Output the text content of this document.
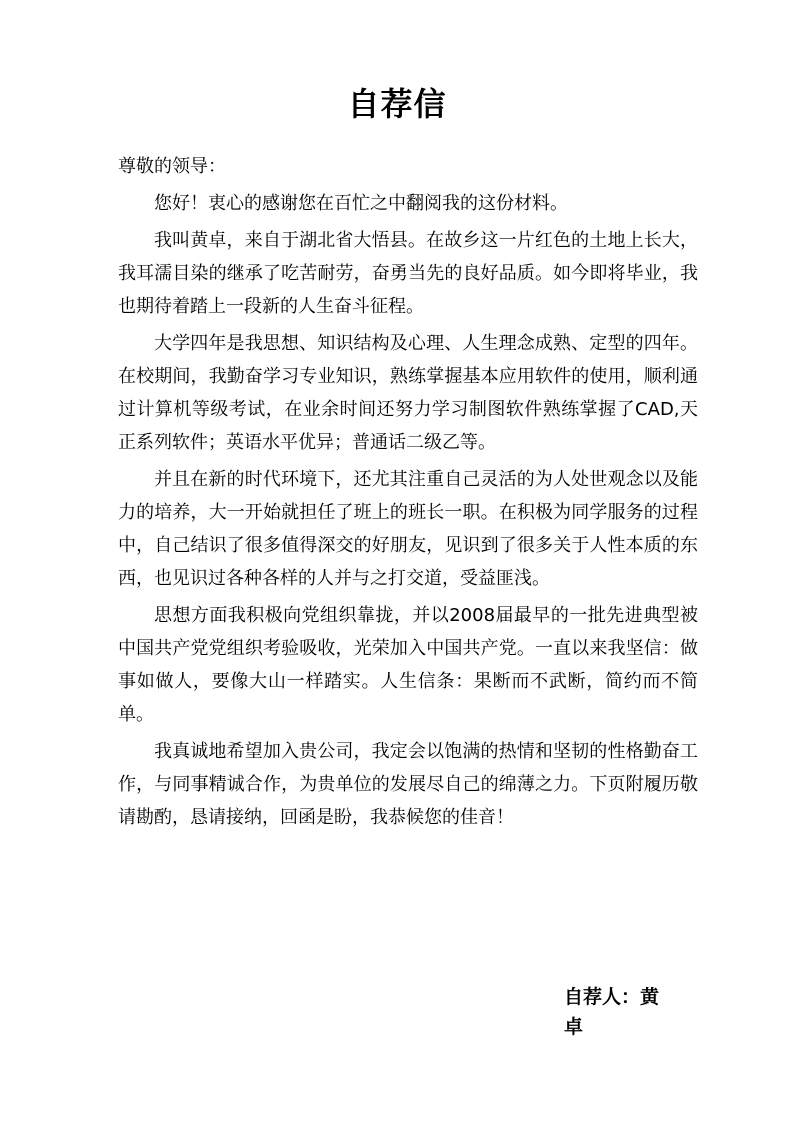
自荐信

尊敬的领导：

您好！衷心的感谢您在百忙之中翻阅我的这份材料。

我叫黄卓，来自于湖北省大悟县。在故乡这一片红色的土地上长大，我耳濡目染的继承了吃苦耐劳，奋勇当先的良好品质。如今即将毕业，我也期待着踏上一段新的人生奋斗征程。

大学四年是我思想、知识结构及心理、人生理念成熟、定型的四年。在校期间，我勤奋学习专业知识，熟练掌握基本应用软件的使用，顺利通过计算机等级考试，在业余时间还努力学习制图软件熟练掌握了CAD,天正系列软件；英语水平优异；普通话二级乙等。

并且在新的时代环境下，还尤其注重自己灵活的为人处世观念以及能力的培养，大一开始就担任了班上的班长一职。在积极为同学服务的过程中，自己结识了很多值得深交的好朋友，见识到了很多关于人性本质的东西，也见识过各种各样的人并与之打交道，受益匪浅。

思想方面我积极向党组织靠拢，并以2008届最早的一批先进典型被中国共产党党组织考验吸收，光荣加入中国共产党。一直以来我坚信：做事如做人，要像大山一样踏实。人生信条：果断而不武断，简约而不简单。

我真诚地希望加入贵公司，我定会以饱满的热情和坚韧的性格勤奋工作，与同事精诚合作，为贵单位的发展尽自己的绵薄之力。下页附履历敬请勘酌，恳请接纳，回函是盼，我恭候您的佳音！

自荐人：黄卓
